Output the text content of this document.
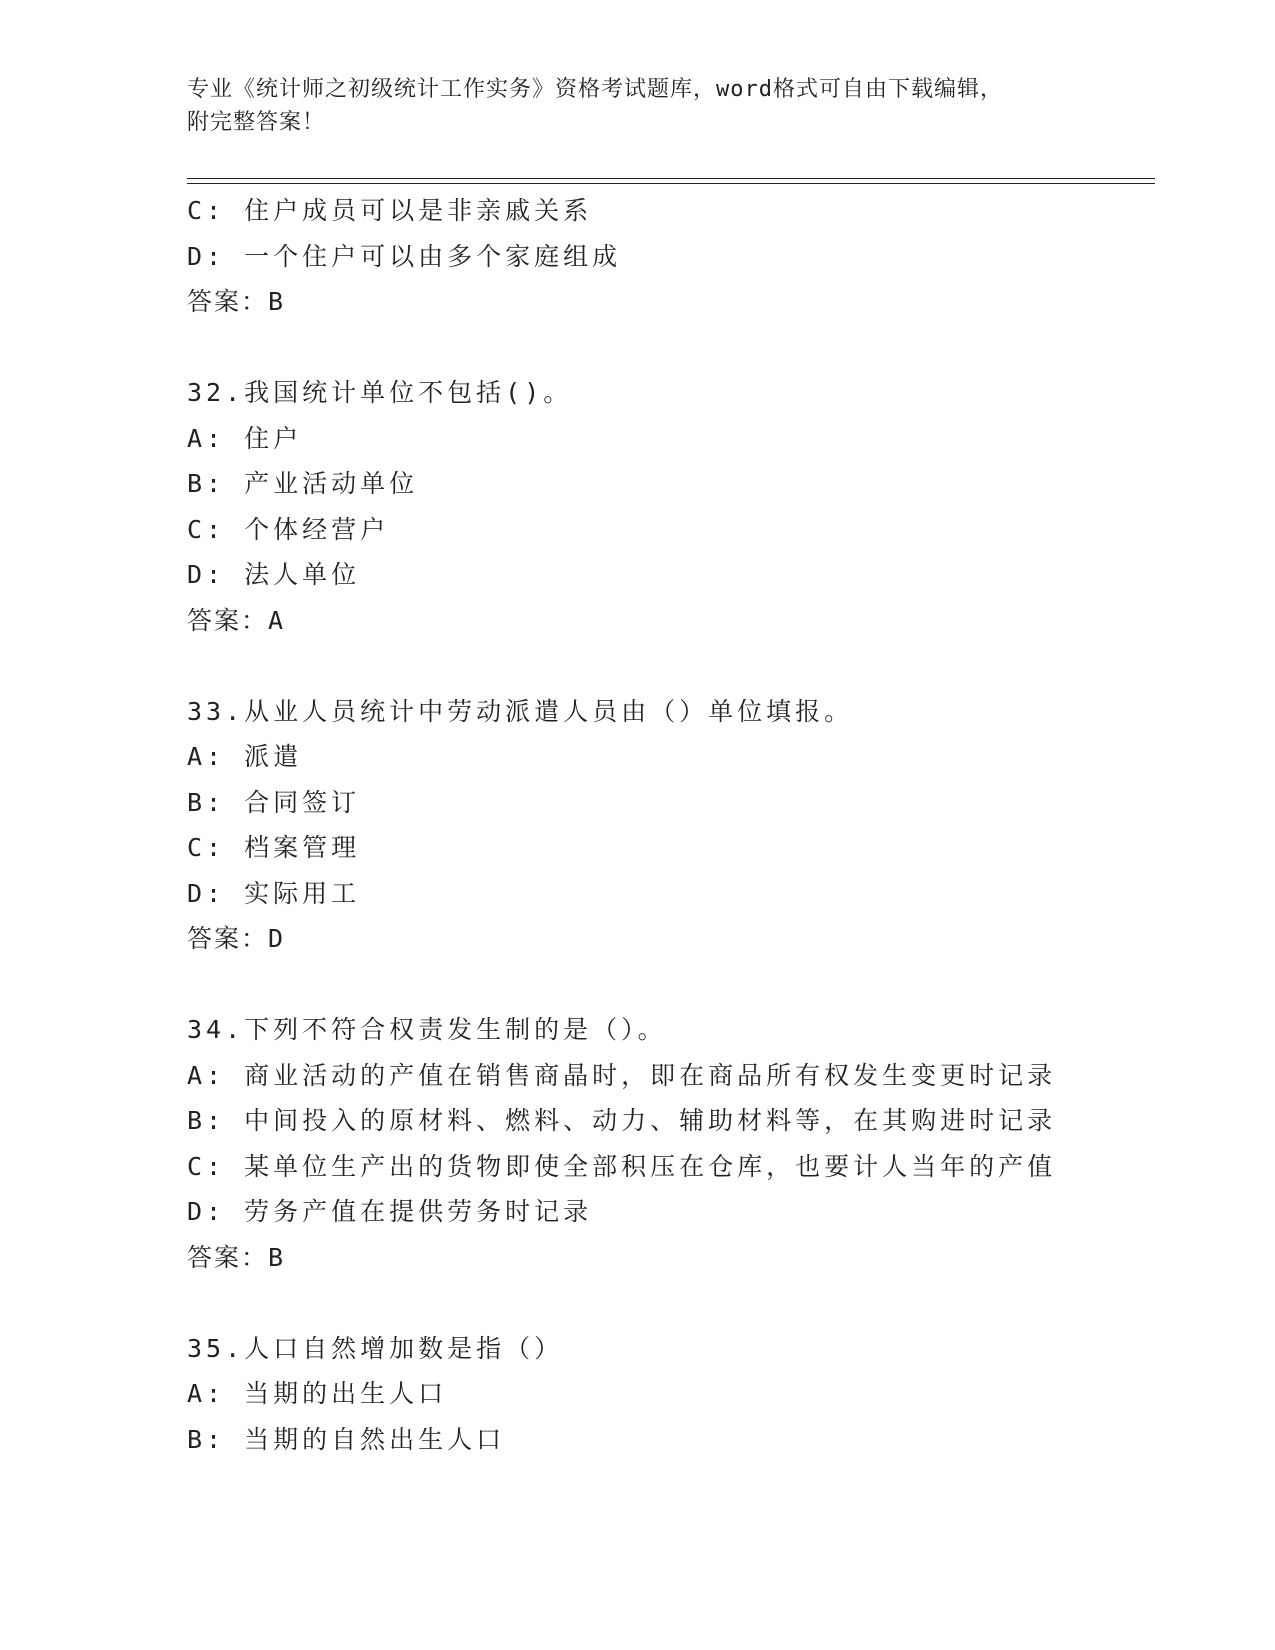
专业《统计师之初级统计工作实务》资格考试题库，word格式可自由下载编辑，
附完整答案！
C: 住户成员可以是非亲戚关系
D: 一个住户可以由多个家庭组成
答案：B
32.我国统计单位不包括()。
A: 住户
B: 产业活动单位
C: 个体经营户
D: 法人单位
答案：A
33.从业人员统计中劳动派遣人员由（）单位填报。
A: 派遣
B: 合同签订
C: 档案管理
D: 实际用工
答案：D
34.下列不符合权责发生制的是（）。
A: 商业活动的产值在销售商晶时，即在商品所有权发生变更时记录
B: 中间投入的原材料、燃料、动力、辅助材料等，在其购进时记录
C: 某单位生产出的货物即使全部积压在仓库，也要计人当年的产值
D: 劳务产值在提供劳务时记录
答案：B
35.人口自然增加数是指（）
A: 当期的出生人口
B: 当期的自然出生人口
